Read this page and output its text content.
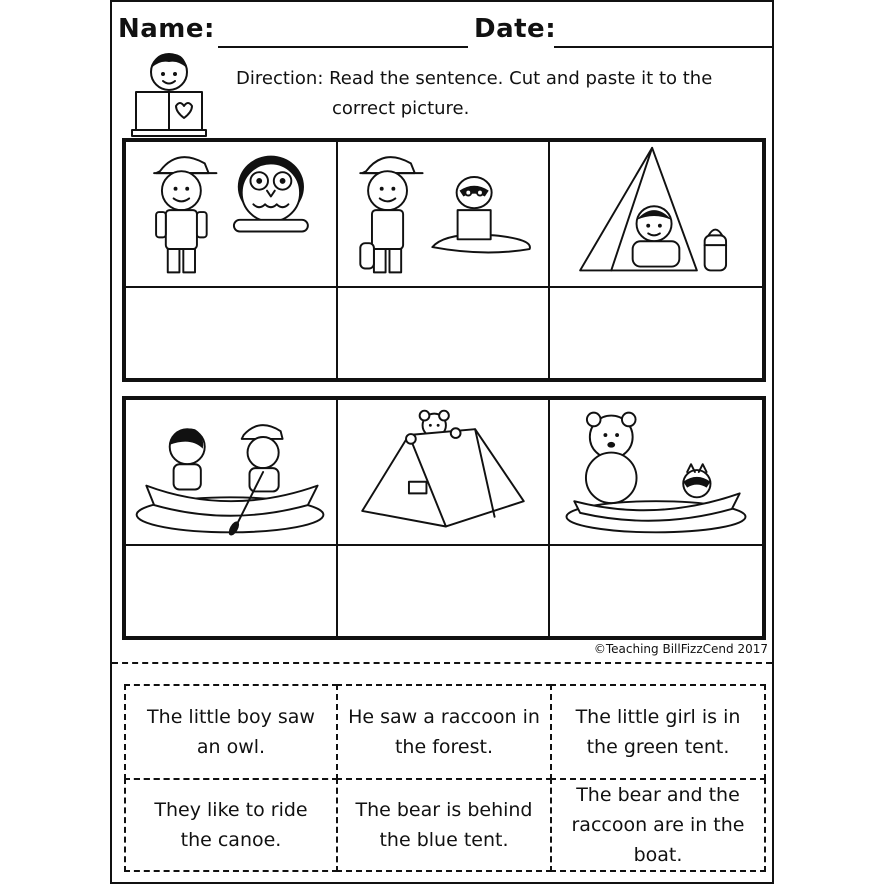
Name:	Date:
Direction: Read the sentence. Cut and paste it to the
correct picture.
©Teaching BillFizzCend 2017
The little boy saw an owl.
He saw a raccoon in the forest.
The little girl is in the green tent.
They like to ride the canoe.
The bear is behind the blue tent.
The bear and the raccoon are in the boat.
